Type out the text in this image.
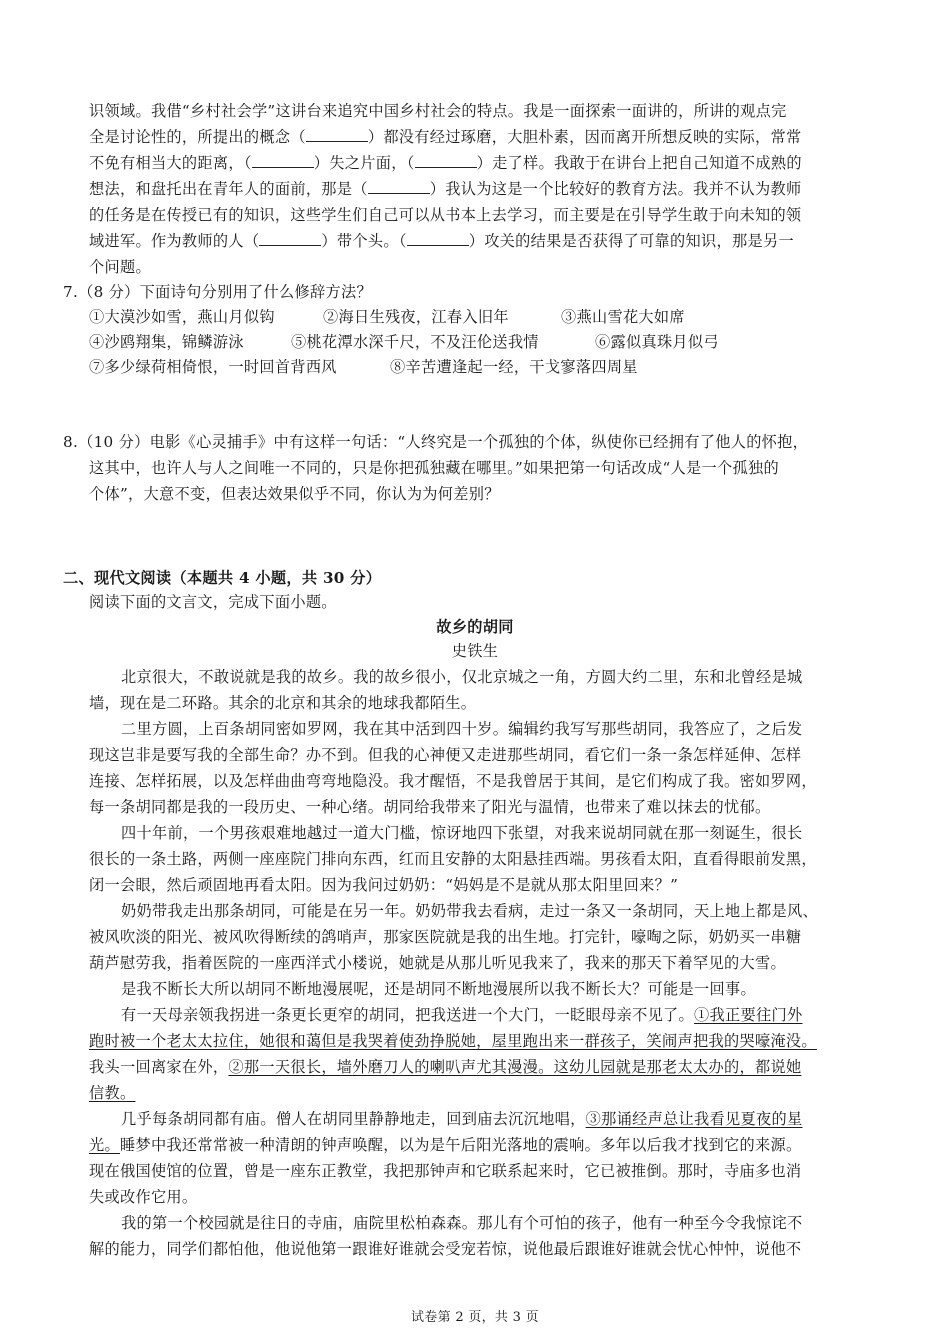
识领域。我借“乡村社会学”这讲台来追究中国乡村社会的特点。我是一面探索一面讲的，所讲的观点完
全是讨论性的，所提出的概念（	）都没有经过琢磨，大胆朴素，因而离开所想反映的实际，常常
不免有相当大的距离，（	）失之片面，（	）走了样。我敢于在讲台上把自己知道不成熟的
想法，和盘托出在青年人的面前，那是（	）我认为这是一个比较好的教育方法。我并不认为教师
的任务是在传授已有的知识，这些学生们自己可以从书本上去学习，而主要是在引导学生敢于向未知的领
域进军。作为教师的人（	）带个头。（	）攻关的结果是否获得了可靠的知识，那是另一
个问题。
7.（8 分）下面诗句分别用了什么修辞方法？
①大漠沙如雪，燕山月似钩	②海日生残夜，江春入旧年	③燕山雪花大如席
④沙鸥翔集，锦鳞游泳	⑤桃花潭水深千尺，不及汪伦送我情	⑥露似真珠月似弓
⑦多少绿荷相倚恨，一时回首背西风	⑧辛苦遭逢起一经，干戈寥落四周星
8.（10 分）电影《心灵捕手》中有这样一句话：“人终究是一个孤独的个体，纵使你已经拥有了他人的怀抱，
这其中，也许人与人之间唯一不同的，只是你把孤独藏在哪里。”如果把第一句话改成“人是一个孤独的
个体”，大意不变，但表达效果似乎不同，你认为为何差别？
二、现代文阅读（本题共 4 小题，共 30 分）
阅读下面的文言文，完成下面小题。
故乡的胡同
史铁生
北京很大，不敢说就是我的故乡。我的故乡很小，仅北京城之一角，方圆大约二里，东和北曾经是城
墙，现在是二环路。其余的北京和其余的地球我都陌生。
二里方圆，上百条胡同密如罗网，我在其中活到四十岁。编辑约我写写那些胡同，我答应了，之后发
现这岂非是要写我的全部生命？办不到。但我的心神便又走进那些胡同，看它们一条一条怎样延伸、怎样
连接、怎样拓展，以及怎样曲曲弯弯地隐没。我才醒悟，不是我曾居于其间，是它们构成了我。密如罗网，
每一条胡同都是我的一段历史、一种心绪。胡同给我带来了阳光与温情，也带来了难以抹去的忧郁。
四十年前，一个男孩艰难地越过一道大门槛，惊讶地四下张望，对我来说胡同就在那一刻诞生，很长
很长的一条土路，两侧一座座院门排向东西，红而且安静的太阳悬挂西端。男孩看太阳，直看得眼前发黑，
闭一会眼，然后顽固地再看太阳。因为我问过奶奶：“妈妈是不是就从那太阳里回来？”
奶奶带我走出那条胡同，可能是在另一年。奶奶带我去看病，走过一条又一条胡同，天上地上都是风、
被风吹淡的阳光、被风吹得断续的鸽哨声，那家医院就是我的出生地。打完针，嚎啕之际，奶奶买一串糖
葫芦慰劳我，指着医院的一座西洋式小楼说，她就是从那儿听见我来了，我来的那天下着罕见的大雪。
是我不断长大所以胡同不断地漫展呢，还是胡同不断地漫展所以我不断长大？可能是一回事。
有一天母亲领我拐进一条更长更窄的胡同，把我送进一个大门，一眨眼母亲不见了。①我正要往门外
跑时被一个老太太拉住，她很和蔼但是我哭着使劲挣脱她，屋里跑出来一群孩子，笑闹声把我的哭嚎淹没。
我头一回离家在外，②那一天很长，墙外磨刀人的喇叭声尤其漫漫。这幼儿园就是那老太太办的，都说她
信教。
几乎每条胡同都有庙。僧人在胡同里静静地走，回到庙去沉沉地唱，③那诵经声总让我看见夏夜的星
光。睡梦中我还常常被一种清朗的钟声唤醒，以为是午后阳光落地的震响。多年以后我才找到它的来源。
现在俄国使馆的位置，曾是一座东正教堂，我把那钟声和它联系起来时，它已被推倒。那时，寺庙多也消
失或改作它用。
我的第一个校园就是往日的寺庙，庙院里松柏森森。那儿有个可怕的孩子，他有一种至今令我惊诧不
解的能力，同学们都怕他，他说他第一跟谁好谁就会受宠若惊，说他最后跟谁好谁就会忧心忡忡，说他不
试卷第 2 页，共 3 页
